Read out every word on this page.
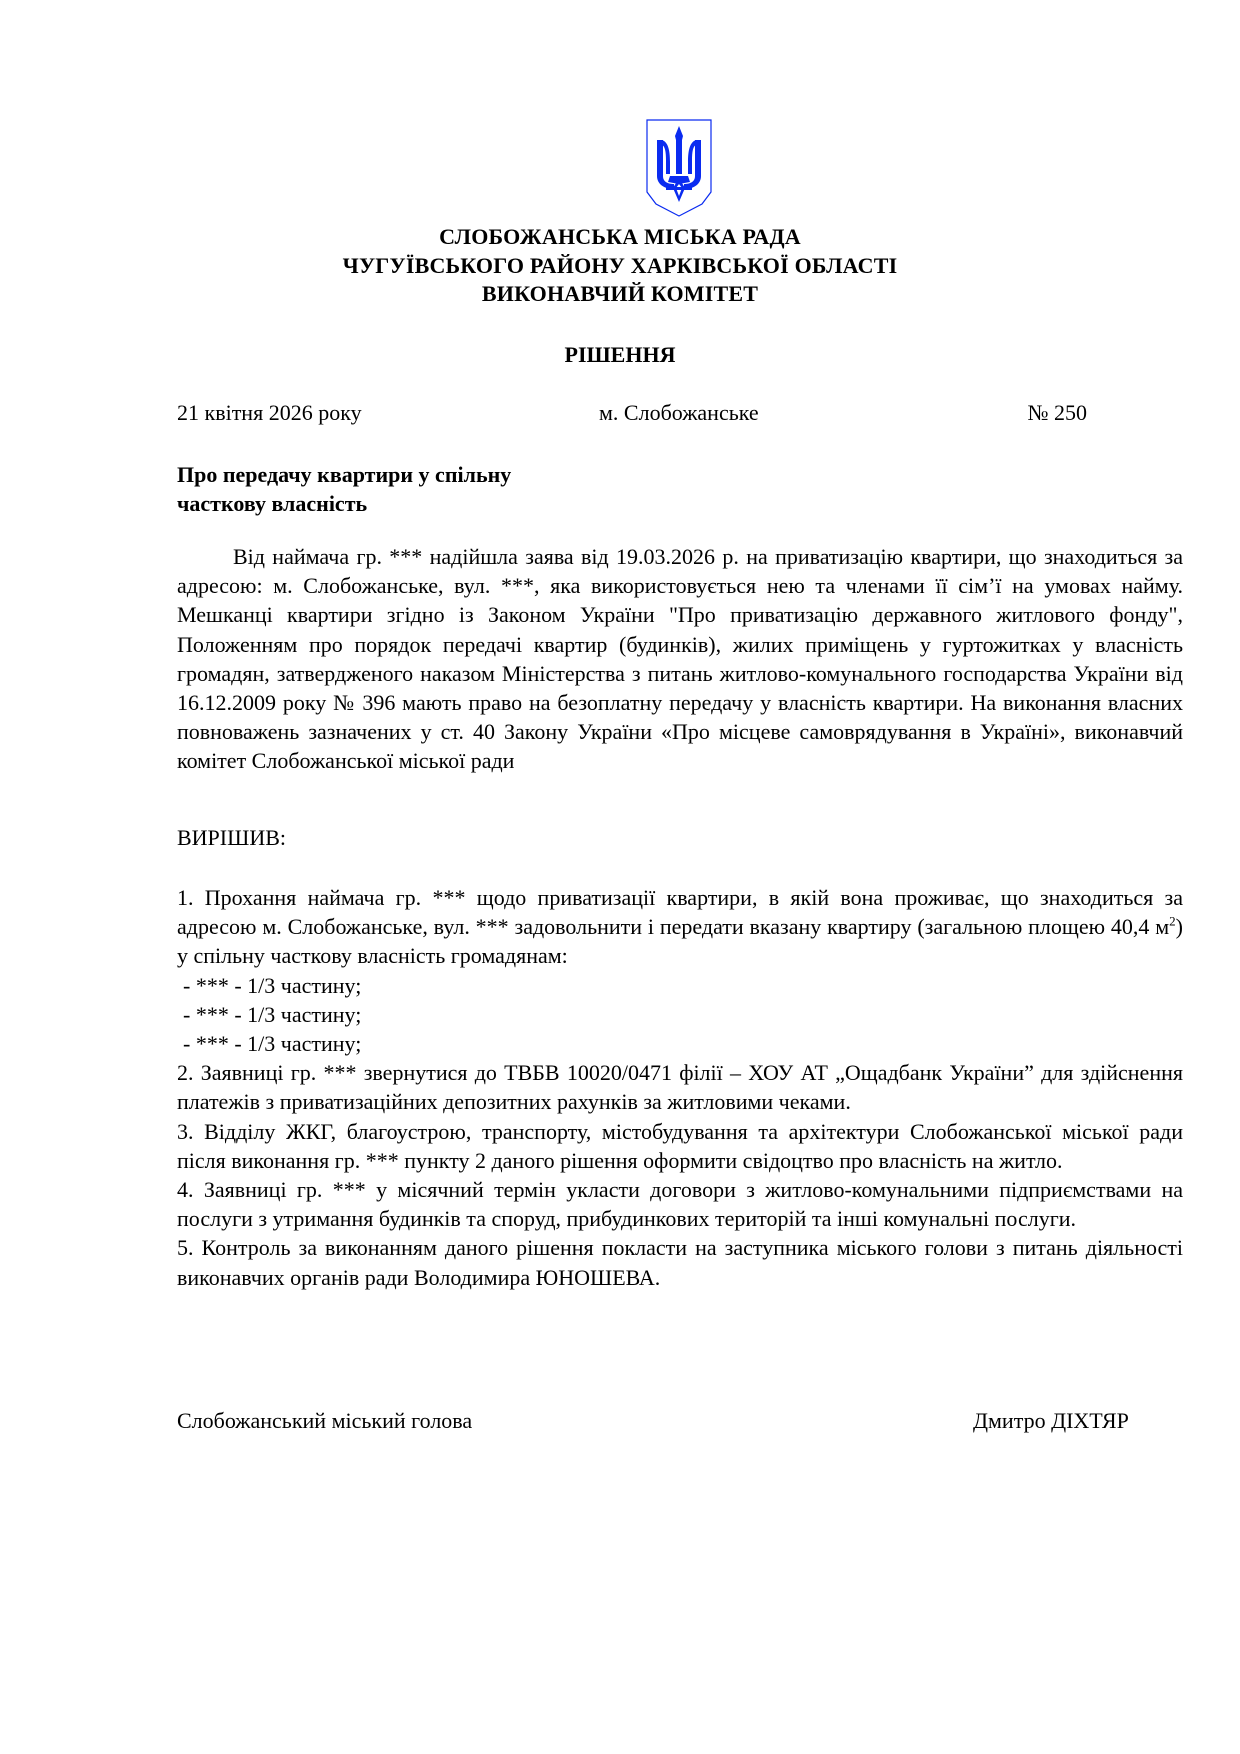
СЛОБОЖАНСЬКА МІСЬКА РАДА
ЧУГУЇВСЬКОГО РАЙОНУ ХАРКІВСЬКОЇ ОБЛАСТІ
ВИКОНАВЧИЙ КОМІТЕТ
РІШЕННЯ
21 квітня 2026 року	м. Слобожанське	№ 250
Про передачу квартири у спільну
часткову власність
Від наймача гр. *** надійшла заява від 19.03.2026 р. на приватизацію квартири, що знаходиться за адресою: м. Слобожанське, вул. ***, яка використовується нею та членами її сім’ї на умовах найму. Мешканці квартири згідно із Законом України "Про приватизацію державного житлового фонду", Положенням про порядок передачі квартир (будинків), жилих приміщень у гуртожитках у власність громадян, затвердженого наказом Міністерства з питань житлово-комунального господарства України від 16.12.2009 року № 396 мають право на безоплатну передачу у власність квартири. На виконання власних повноважень зазначених у ст. 40 Закону України «Про місцеве самоврядування в Україні», виконавчий комітет Слобожанської міської ради
ВИРІШИВ:

1. Прохання наймача гр. *** щодо приватизації квартири, в якій вона проживає, що знаходиться за адресою м. Слобожанське, вул. *** задовольнити і передати вказану квартиру (загальною площею 40,4 $м^2$) у спільну часткову власність громадянам:

- *** - 1/3 частину;

- *** - 1/3 частину;

- *** - 1/3 частину;

2. Заявниці гр. *** звернутися до ТВБВ 10020/0471 філії – ХОУ АТ „Ощадбанк України” для здійснення платежів з приватизаційних депозитних рахунків за житловими чеками.

3. Відділу ЖКГ, благоустрою, транспорту, містобудування та архітектури Слобожанської міської ради після виконання гр. *** пункту 2 даного рішення оформити свідоцтво про власність на житло.

4. Заявниці гр. *** у місячний термін укласти договори з житлово-комунальними підприємствами на послуги з утримання будинків та споруд, прибудинкових територій та інші комунальні послуги.

5. Контроль за виконанням даного рішення покласти на заступника міського голови з питань діяльності виконавчих органів ради Володимира ЮНОШЕВА.

Слобожанський міський голова	Дмитро ДІХТЯР
